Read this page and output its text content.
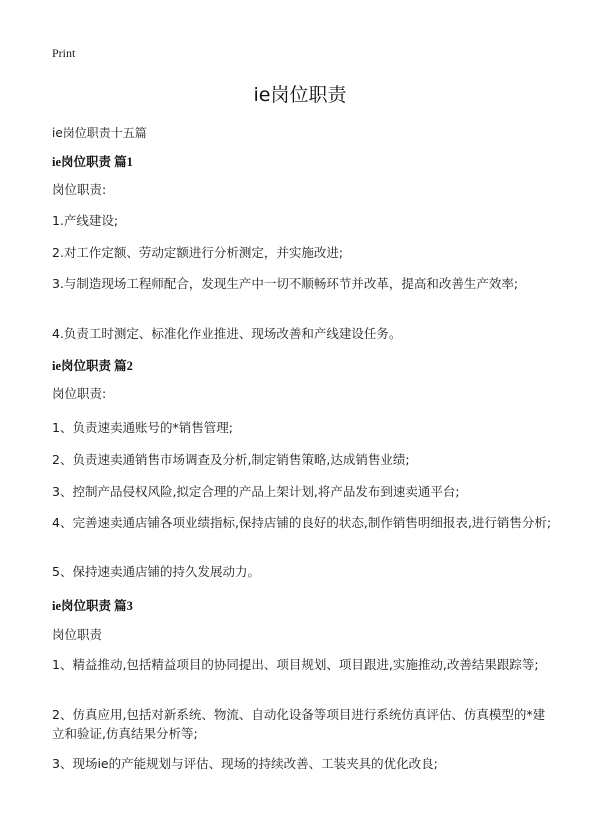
Print
ie岗位职责
ie岗位职责十五篇
ie岗位职责 篇1
岗位职责:
1.产线建设;
2.对工作定额、劳动定额进行分析测定，并实施改进;
3.与制造现场工程师配合，发现生产中一切不顺畅环节并改革，提高和改善生产效率;
4.负责工时测定、标准化作业推进、现场改善和产线建设任务。
ie岗位职责 篇2
岗位职责:
1、负责速卖通账号的*销售管理;
2、负责速卖通销售市场调查及分析,制定销售策略,达成销售业绩;
3、控制产品侵权风险,拟定合理的产品上架计划,将产品发布到速卖通平台;
4、完善速卖通店铺各项业绩指标,保持店铺的良好的状态,制作销售明细报表,进行销售分析;
5、保持速卖通店铺的持久发展动力。
ie岗位职责 篇3
岗位职责
1、精益推动,包括精益项目的协同提出、项目规划、项目跟进,实施推动,改善结果跟踪等;
2、仿真应用,包括对新系统、物流、自动化设备等项目进行系统仿真评估、仿真模型的*建立和验证,仿真结果分析等;
3、现场ie的产能规划与评估、现场的持续改善、工装夹具的优化改良;
